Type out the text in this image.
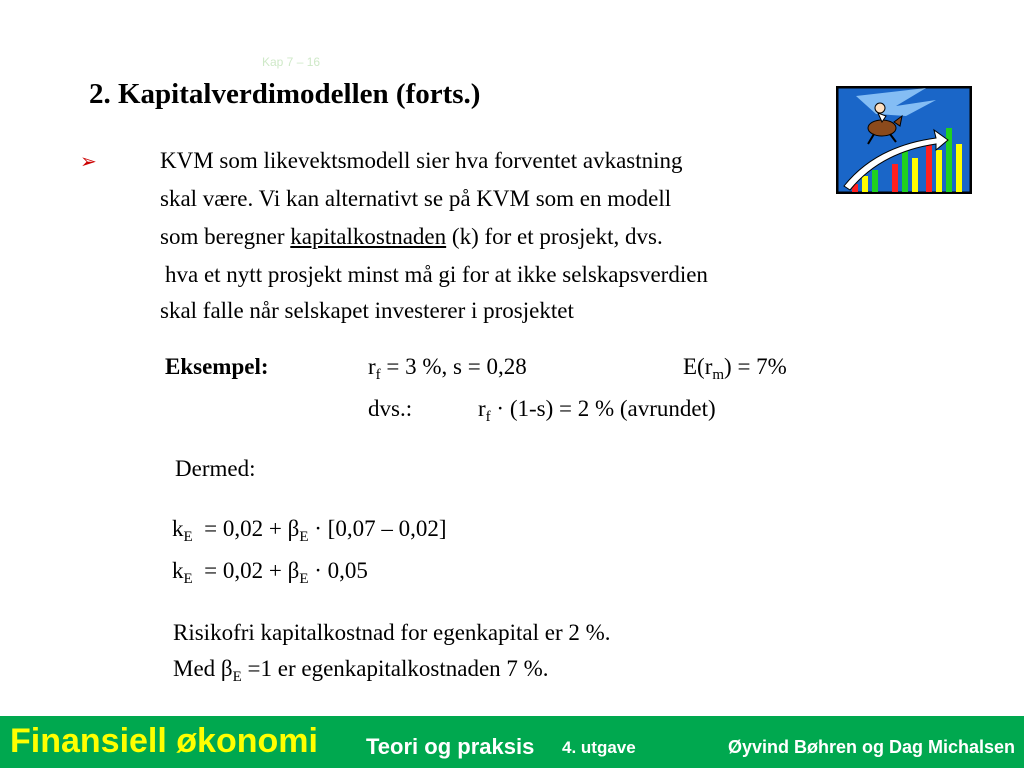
Kap 7 – 16
2. Kapitalverdimodellen (forts.)
➢	KVM som likevektsmodell sier hva forventet avkastning
skal være. Vi kan alternativt se på KVM som en modell
som beregner kapitalkostnaden (k) for et prosjekt, dvs.
hva et nytt prosjekt minst må gi for at ikke selskapsverdien
skal falle når selskapet investerer i prosjektet
Eksempel:	$r_f = 3$ %, s = 0,28	$E(r_m) = 7\%$
dvs.:	$r_f \cdot (1-s) = 2$ % (avrundet)
Dermed:
$k_E = 0,02 + \beta_E \cdot [0,07 - 0,02]$
$k_E = 0,02 + \beta_E \cdot 0,05$
Risikofri kapitalkostnad for egenkapital er 2 %.
Med $\beta_E =1$ er egenkapitalkostnaden 7 %.
Finansiell økonomi Teori og praksis 4. utgave	Øyvind Bøhren og Dag Michalsen
